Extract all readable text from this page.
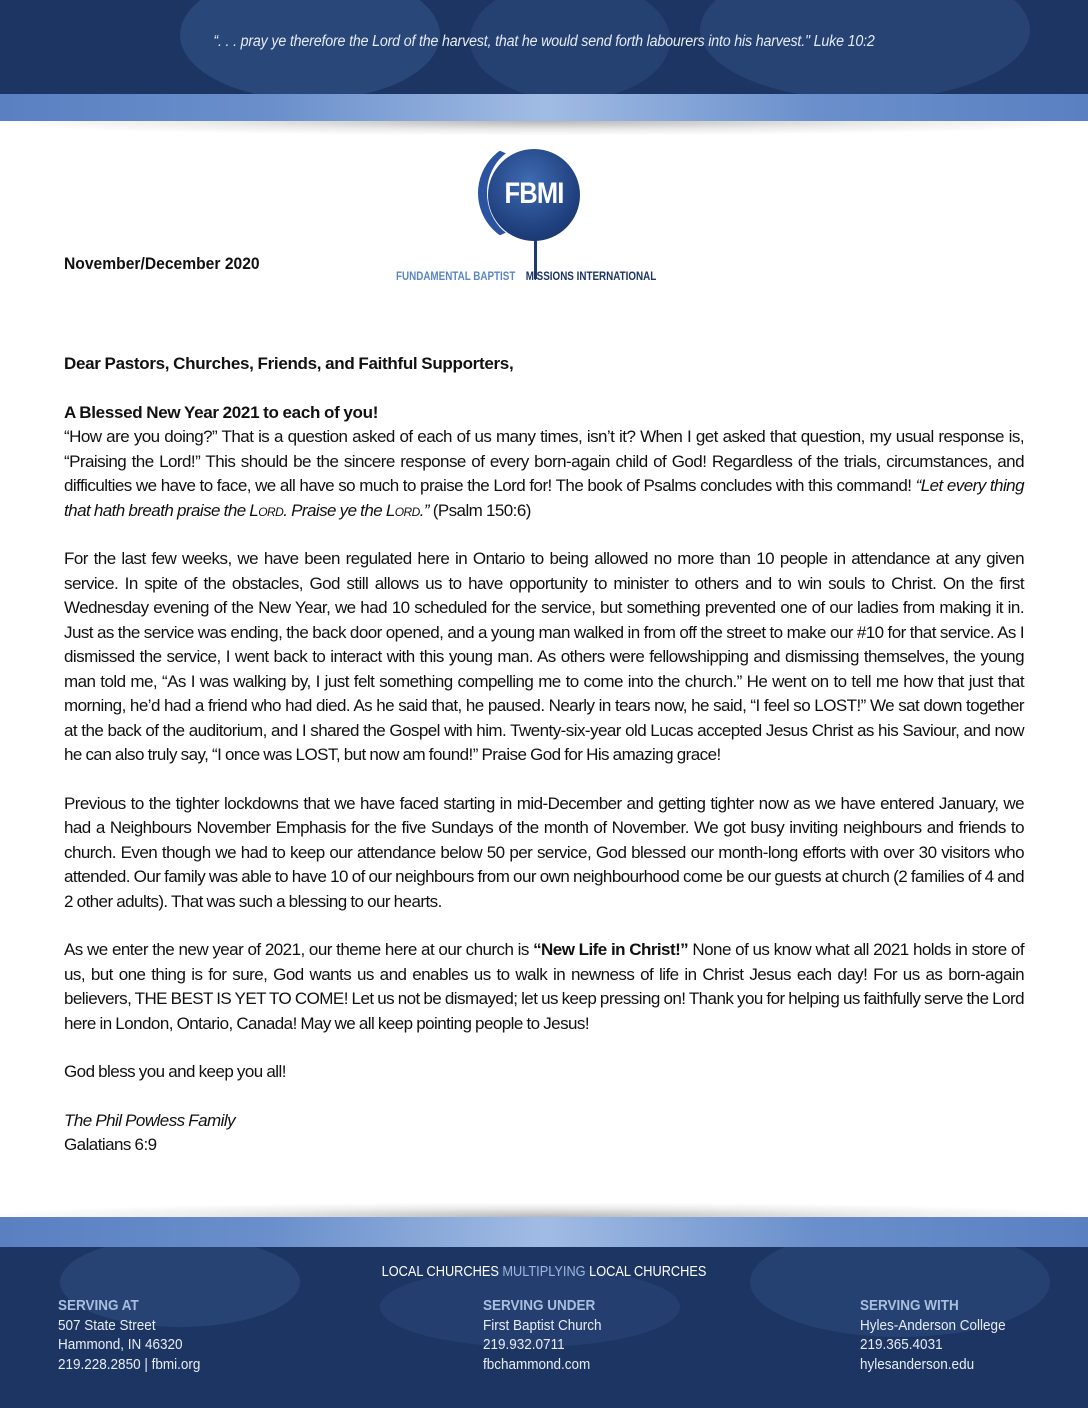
“. . . pray ye therefore the Lord of the harvest, that he would send forth labourers into his harvest." Luke 10:2
FBMI
FUNDAMENTAL BAPTIST MISSIONS INTERNATIONAL
November/December 2020

Dear Pastors, Churches, Friends, and Faithful Supporters,

A Blessed New Year 2021 to each of you!

“How are you doing?” That is a question asked of each of us many times, isn’t it? When I get asked that question, my usual response is, “Praising the Lord!” This should be the sincere response of every born-again child of God! Regardless of the trials, circumstances, and difficulties we have to face, we all have so much to praise the Lord for! The book of Psalms concludes with this command! “Let every thing that hath breath praise the Lord. Praise ye the Lord.” (Psalm 150:6)

For the last few weeks, we have been regulated here in Ontario to being allowed no more than 10 people in attendance at any given service. In spite of the obstacles, God still allows us to have opportunity to minister to others and to win souls to Christ. On the first Wednesday evening of the New Year, we had 10 scheduled for the service, but something prevented one of our ladies from making it in. Just as the service was ending, the back door opened, and a young man walked in from off the street to make our #10 for that service. As I dismissed the service, I went back to interact with this young man. As others were fellowshipping and dismissing themselves, the young man told me, “As I was walking by, I just felt something compelling me to come into the church.” He went on to tell me how that just that morning, he’d had a friend who had died. As he said that, he paused. Nearly in tears now, he said, “I feel so LOST!” We sat down together at the back of the auditorium, and I shared the Gospel with him. Twenty-six-year old Lucas accepted Jesus Christ as his Saviour, and now he can also truly say, “I once was LOST, but now am found!” Praise God for His amazing grace!

Previous to the tighter lockdowns that we have faced starting in mid-December and getting tighter now as we have entered January, we had a Neighbours November Emphasis for the five Sundays of the month of November. We got busy inviting neighbours and friends to church. Even though we had to keep our attendance below 50 per service, God blessed our month-long efforts with over 30 visitors who attended. Our family was able to have 10 of our neighbours from our own neighbourhood come be our guests at church (2 families of 4 and 2 other adults). That was such a blessing to our hearts.

As we enter the new year of 2021, our theme here at our church is “New Life in Christ!” None of us know what all 2021 holds in store of us, but one thing is for sure, God wants us and enables us to walk in newness of life in Christ Jesus each day! For us as born-again believers, THE BEST IS YET TO COME! Let us not be dismayed; let us keep pressing on! Thank you for helping us faithfully serve the Lord here in London, Ontario, Canada! May we all keep pointing people to Jesus!

God bless you and keep you all!

The Phil Powless Family

Galatians 6:9

LOCAL CHURCHES MULTIPLYING LOCAL CHURCHES
SERVING AT
507 State Street
Hammond, IN 46320
219.228.2850 | fbmi.org
SERVING UNDER
First Baptist Church
219.932.0711
fbchammond.com
SERVING WITH
Hyles-Anderson College
219.365.4031
hylesanderson.edu
